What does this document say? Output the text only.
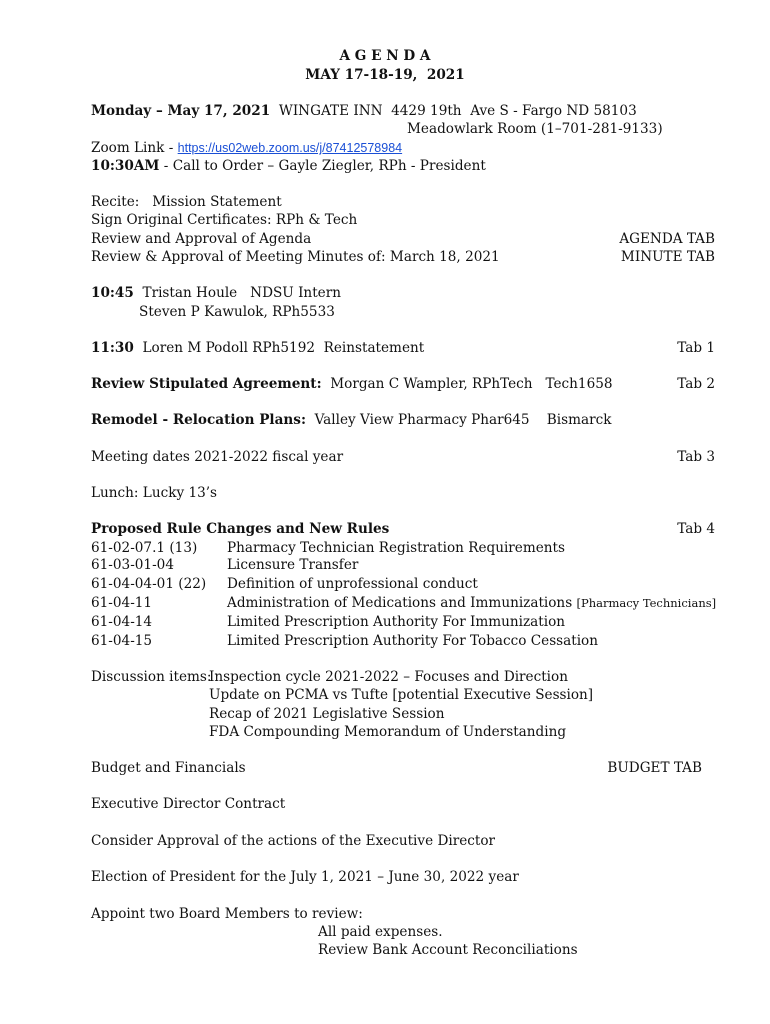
A G E N D A
MAY 17-18-19,  2021
Monday – May 17, 2021 WINGATE INN  4429 19th  Ave S - Fargo ND 58103
Meadowlark Room (1–701-281-9133)
Zoom Link - https://us02web.zoom.us/j/87412578984
10:30AM - Call to Order – Gayle Ziegler, RPh - President
Recite:   Mission Statement
Sign Original Certificates: RPh & Tech
Review and Approval of Agenda	AGENDA TAB
Review & Approval of Meeting Minutes of: March 18, 2021	MINUTE TAB
10:45  Tristan Houle   NDSU Intern
Steven P Kawulok, RPh5533
11:30  Loren M Podoll RPh5192  Reinstatement	Tab 1
Review Stipulated Agreement:  Morgan C Wampler, RPhTech   Tech1658	Tab 2
Remodel - Relocation Plans:  Valley View Pharmacy Phar645    Bismarck
Meeting dates 2021-2022 fiscal year	Tab 3
Lunch: Lucky 13’s
Proposed Rule Changes and New Rules	Tab 4
61-02-07.1 (13) Pharmacy Technician Registration Requirements
61-03-01-04	Licensure Transfer
61-04-04-01 (22) Definition of unprofessional conduct
61-04-11	Administration of Medications and Immunizations [Pharmacy Technicians]
61-04-14	Limited Prescription Authority For Immunization
61-04-15	Limited Prescription Authority For Tobacco Cessation
Discussion items:
Inspection cycle 2021-2022 – Focuses and Direction
Update on PCMA vs Tufte [potential Executive Session]
Recap of 2021 Legislative Session
FDA Compounding Memorandum of Understanding
Budget and Financials	BUDGET TAB
Executive Director Contract
Consider Approval of the actions of the Executive Director
Election of President for the July 1, 2021 – June 30, 2022 year
Appoint two Board Members to review:
All paid expenses.
Review Bank Account Reconciliations
